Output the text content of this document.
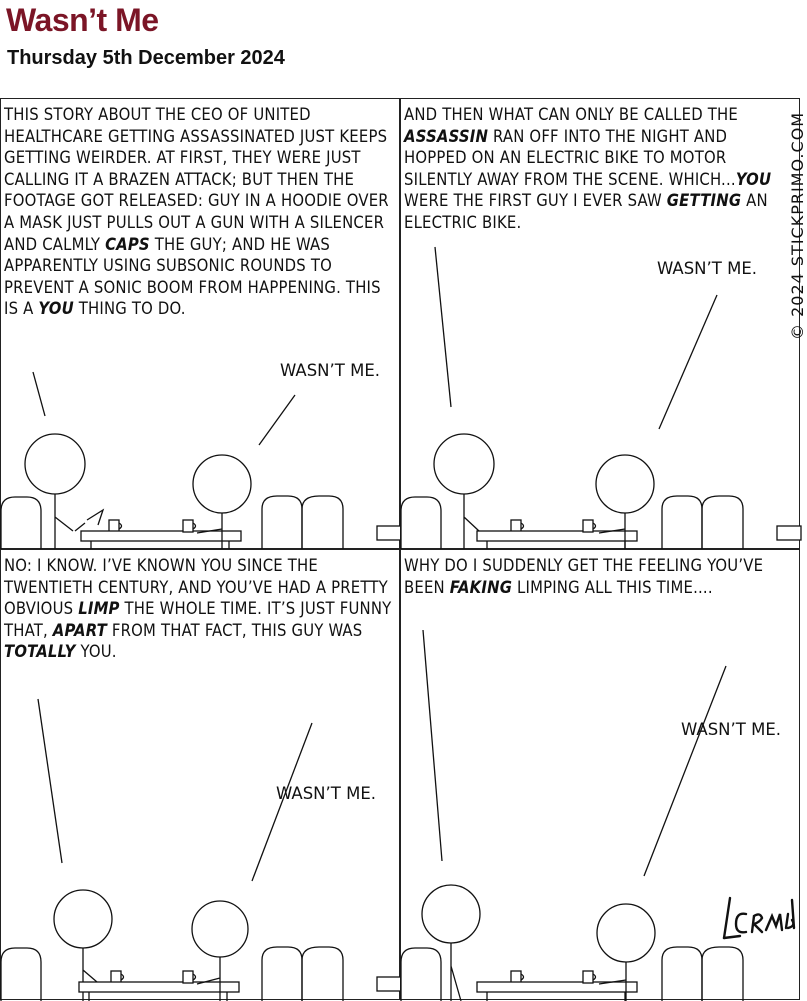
Wasn’t Me
Thursday 5th December 2024

THIS STORY ABOUT THE CEO OF UNITED HEALTHCARE GETTING ASSASSINATED JUST KEEPS GETTING WEIRDER. AT FIRST, THEY WERE JUST CALLING IT A BRAZEN ATTACK; BUT THEN THE FOOTAGE GOT RELEASED: GUY IN A HOODIE OVER A MASK JUST PULLS OUT A GUN WITH A SILENCER AND CALMLY CAPS THE GUY; AND HE WAS APPARENTLY USING SUBSONIC ROUNDS TO PREVENT A SONIC BOOM FROM HAPPENING. THIS IS A YOU THING TO DO.

WASN’T ME.

AND THEN WHAT CAN ONLY BE CALLED THE ASSASSIN RAN OFF INTO THE NIGHT AND HOPPED ON AN ELECTRIC BIKE TO MOTOR SILENTLY AWAY FROM THE SCENE. WHICH...YOU WERE THE FIRST GUY I EVER SAW GETTING AN ELECTRIC BIKE.

WASN’T ME.

NO: I KNOW. I’VE KNOWN YOU SINCE THE TWENTIETH CENTURY, AND YOU’VE HAD A PRETTY OBVIOUS LIMP THE WHOLE TIME. IT’S JUST FUNNY THAT, APART FROM THAT FACT, THIS GUY WAS TOTALLY YOU.

WASN’T ME.

WHY DO I SUDDENLY GET THE FEELING YOU’VE BEEN FAKING LIMPING ALL THIS TIME....

WASN’T ME.
© 2024 STICKPRIMO.COM
